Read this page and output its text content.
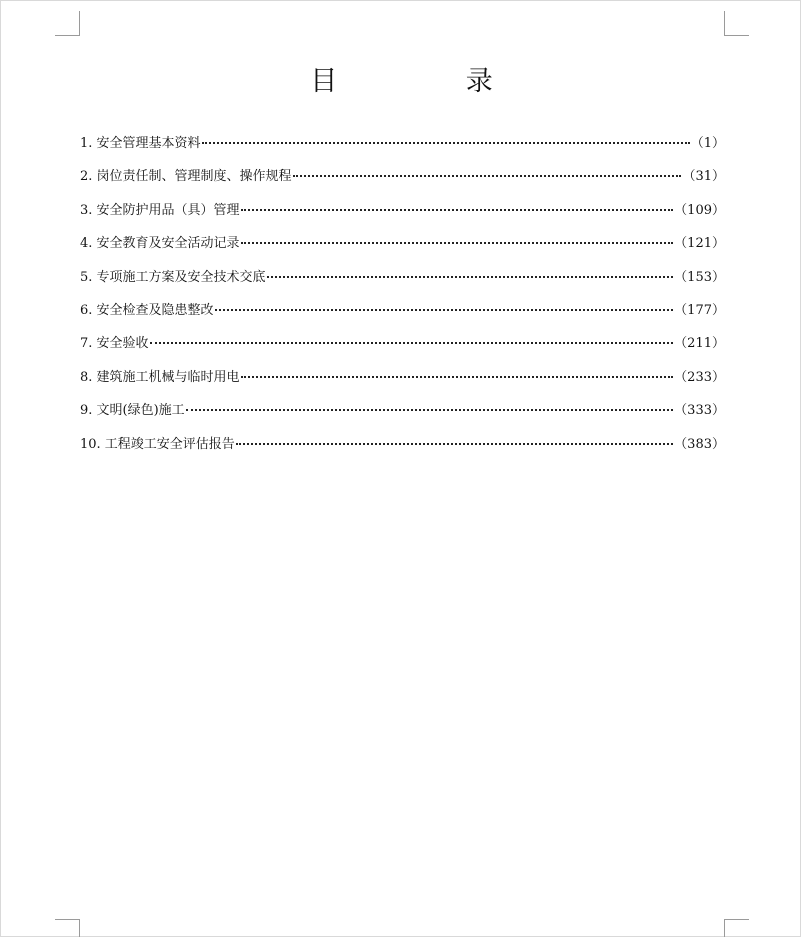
目 录
1. 安全管理基本资料	（1）
2. 岗位责任制、管理制度、操作规程	（31）
3. 安全防护用品（具）管理	（109）
4. 安全教育及安全活动记录	（121）
5. 专项施工方案及安全技术交底	（153）
6. 安全检查及隐患整改	（177）
7. 安全验收	（211）
8. 建筑施工机械与临时用电	（233）
9. 文明(绿色)施工	（333）
10. 工程竣工安全评估报告	（383）
